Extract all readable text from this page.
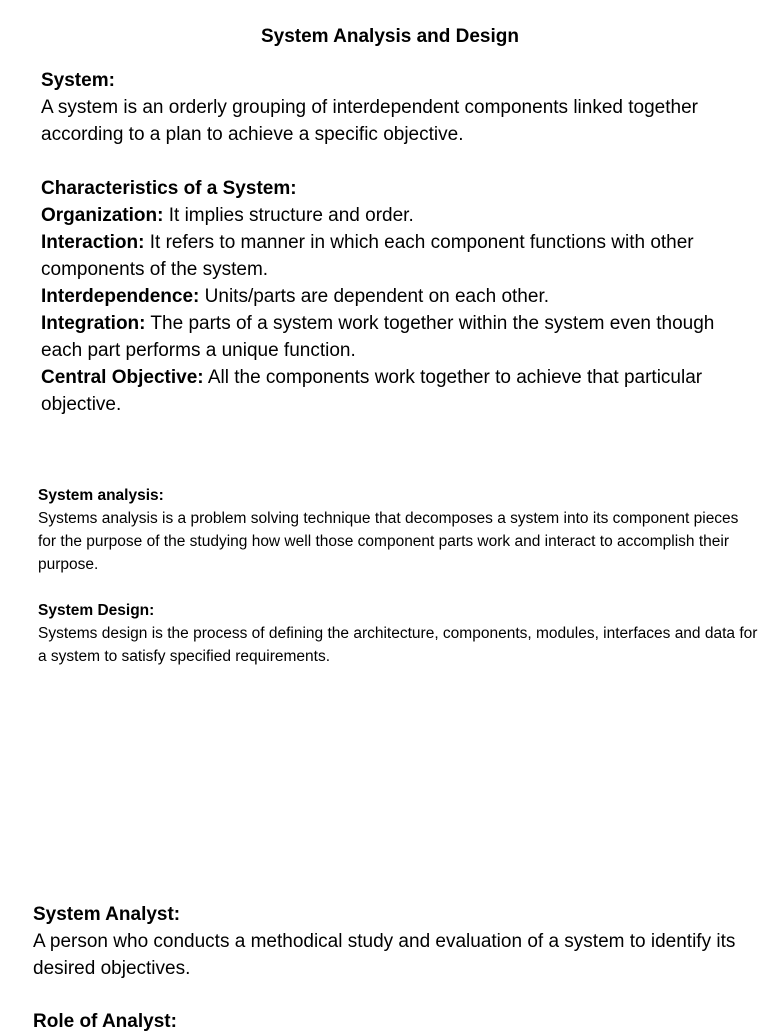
System Analysis and Design
System:
A system is an orderly grouping of interdependent components linked together according to a plan to achieve a specific objective.
Characteristics of a System:
Organization: It implies structure and order.
Interaction: It refers to manner in which each component functions with other components of the system.
Interdependence: Units/parts are dependent on each other.
Integration: The parts of a system work together within the system even though each part performs a unique function.
Central Objective: All the components work together to achieve that particular objective.
System analysis:
Systems analysis is a problem solving technique that decomposes a system into its component pieces for the purpose of the studying how well those component parts work and interact to accomplish their purpose.
System Design:
Systems design is the process of defining the architecture, components, modules, interfaces and data for a system to satisfy specified requirements.
System Analyst:
A person who conducts a methodical study and evaluation of a system to identify its desired objectives.
Role of Analyst:
